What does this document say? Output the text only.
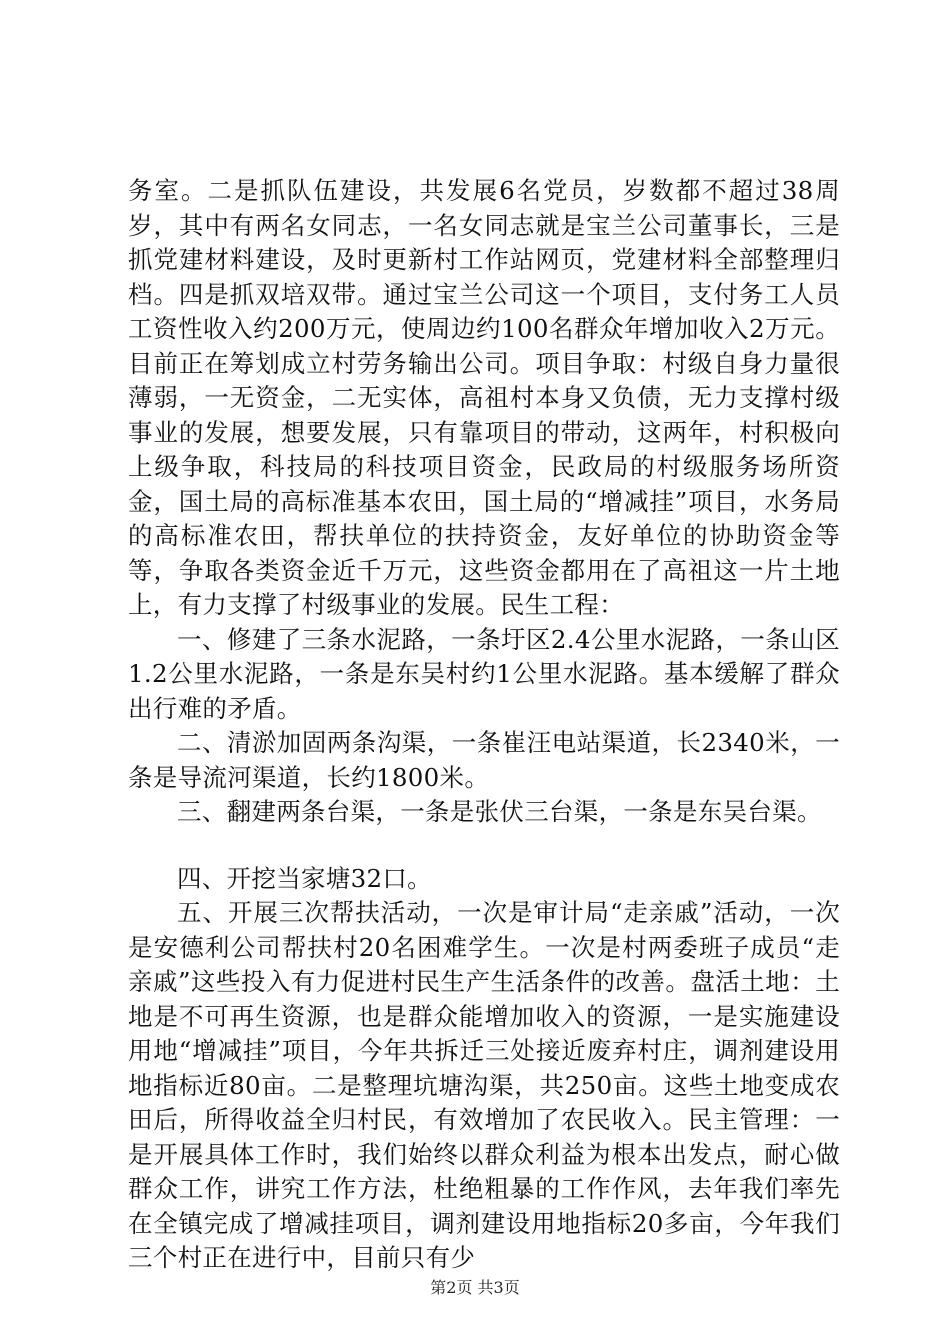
务室。二是抓队伍建设，共发展6名党员，岁数都不超过38周岁，其中有两名女同志，一名女同志就是宝兰公司董事长，三是抓党建材料建设，及时更新村工作站网页，党建材料全部整理归档。四是抓双培双带。通过宝兰公司这一个项目，支付务工人员工资性收入约200万元，使周边约100名群众年增加收入2万元。目前正在筹划成立村劳务输出公司。项目争取：村级自身力量很薄弱，一无资金，二无实体，高祖村本身又负债，无力支撑村级事业的发展，想要发展，只有靠项目的带动，这两年，村积极向上级争取，科技局的科技项目资金，民政局的村级服务场所资金，国土局的高标准基本农田，国土局的“增减挂”项目，水务局的高标准农田，帮扶单位的扶持资金，友好单位的协助资金等等，争取各类资金近千万元，这些资金都用在了高祖这一片土地上，有力支撑了村级事业的发展。民生工程：

一、修建了三条水泥路，一条圩区2.4公里水泥路，一条山区1.2公里水泥路，一条是东吴村约1公里水泥路。基本缓解了群众出行难的矛盾。

二、清淤加固两条沟渠，一条崔汪电站渠道，长2340米，一条是导流河渠道，长约1800米。

三、翻建两条台渠，一条是张伏三台渠，一条是东吴台渠。

四、开挖当家塘32口。

五、开展三次帮扶活动，一次是审计局“走亲戚”活动，一次是安德利公司帮扶村20名困难学生。一次是村两委班子成员“走亲戚”这些投入有力促进村民生产生活条件的改善。盘活土地：土地是不可再生资源，也是群众能增加收入的资源，一是实施建设用地“增减挂”项目，今年共拆迁三处接近废弃村庄，调剂建设用地指标近80亩。二是整理坑塘沟渠，共250亩。这些土地变成农田后，所得收益全归村民，有效增加了农民收入。民主管理：一是开展具体工作时，我们始终以群众利益为根本出发点，耐心做群众工作，讲究工作方法，杜绝粗暴的工作作风，去年我们率先在全镇完成了增减挂项目，调剂建设用地指标20多亩，今年我们三个村正在进行中，目前只有少

第2页 共3页
